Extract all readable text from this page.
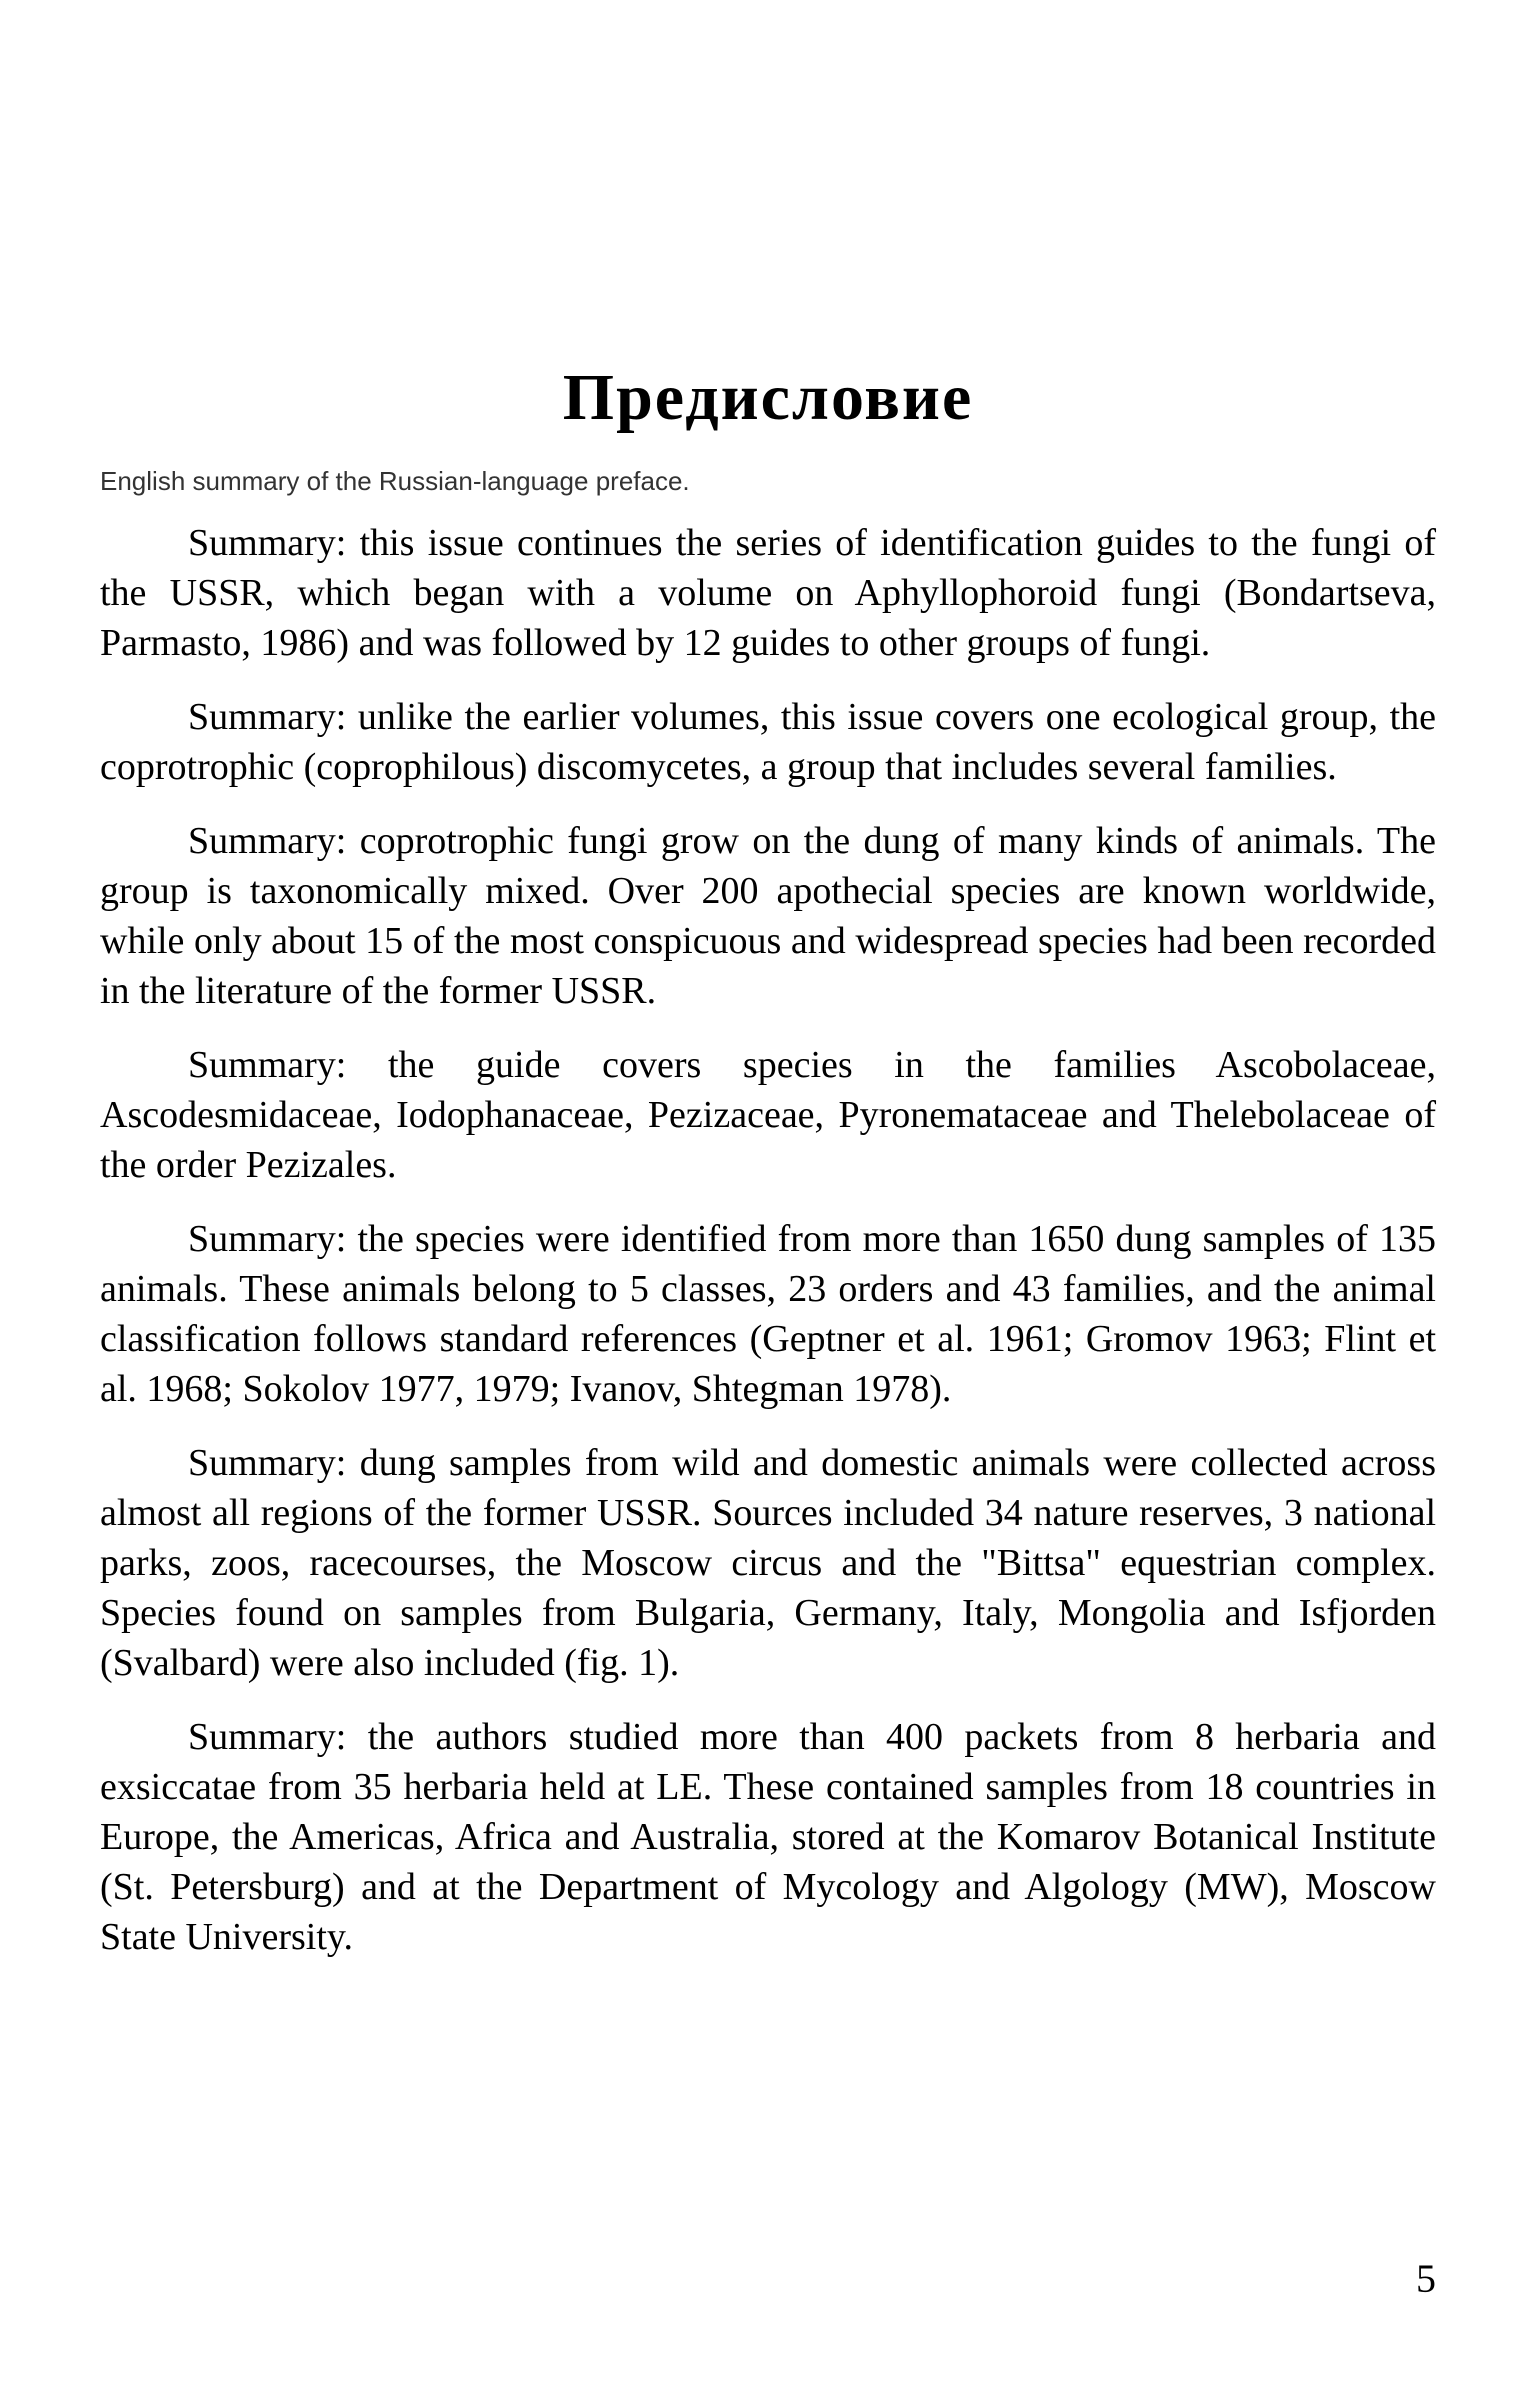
Предисловие

English summary of the Russian-language preface.

Summary: this issue continues the series of identification guides to the fungi of the USSR, which began with a volume on Aphyllophoroid fungi (Bondartseva, Parmasto, 1986) and was followed by 12 guides to other groups of fungi.

Summary: unlike the earlier volumes, this issue covers one ecological group, the coprotrophic (coprophilous) discomycetes, a group that includes several families.

Summary: coprotrophic fungi grow on the dung of many kinds of animals. The group is taxonomically mixed. Over 200 apothecial species are known worldwide, while only about 15 of the most conspicuous and widespread species had been recorded in the literature of the former USSR.

Summary: the guide covers species in the families Ascobolaceae, Ascodesmidaceae, Iodophanaceae, Pezizaceae, Pyronemataceae and Thelebolaceae of the order Pezizales.

Summary: the species were identified from more than 1650 dung samples of 135 animals. These animals belong to 5 classes, 23 orders and 43 families, and the animal classification follows standard references (Geptner et al. 1961; Gromov 1963; Flint et al. 1968; Sokolov 1977, 1979; Ivanov, Shtegman 1978).

Summary: dung samples from wild and domestic animals were collected across almost all regions of the former USSR. Sources included 34 nature reserves, 3 national parks, zoos, racecourses, the Moscow circus and the "Bittsa" equestrian complex. Species found on samples from Bulgaria, Germany, Italy, Mongolia and Isfjorden (Svalbard) were also included (fig. 1).

Summary: the authors studied more than 400 packets from 8 herbaria and exsiccatae from 35 herbaria held at LE. These contained samples from 18 countries in Europe, the Americas, Africa and Australia, stored at the Komarov Botanical Institute (St. Petersburg) and at the Department of Mycology and Algology (MW), Moscow State University.

5
